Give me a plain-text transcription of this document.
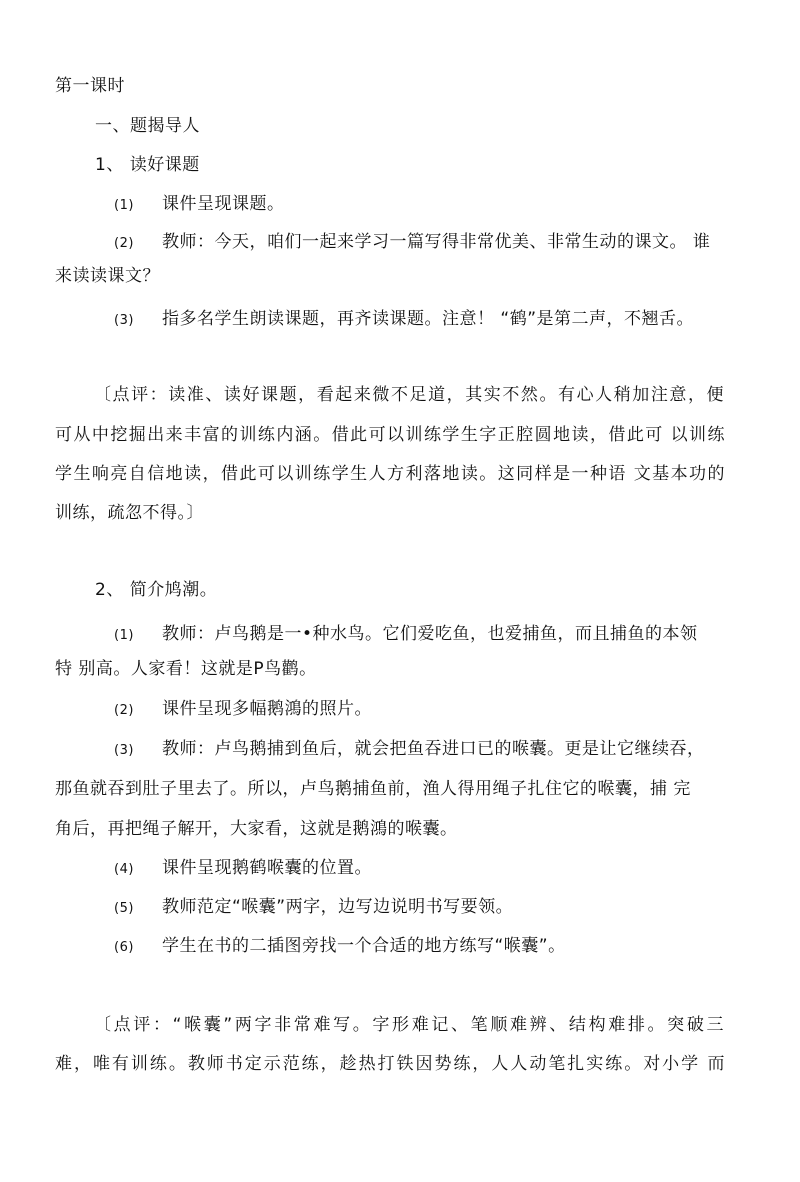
第一课时

一、题揭导人

1、 读好课题

(1) 课件呈现课题。

(2) 教师：今天，咱们一起来学习一篇写得非常优美、非常生动的课文。 谁

来读读课文？

(3) 指多名学生朗读课题，再齐读课题。注意！ “鹤”是第二声，不翘舌。

〔点评：读准、读好课题，看起来微不足道，其实不然。有心人稍加注意，便

可从中挖掘出来丰富的训练内涵。借此可以训练学生字正腔圆地读，借此可 以训练

学生响亮自信地读，借此可以训练学生人方利落地读。这同样是一种语 文基本功的

训练，疏忽不得。〕

2、 简介鸠潮。

(1) 教师：卢鸟鹅是一•种水鸟。它们爱吃鱼，也爱捕鱼，而且捕鱼的本领

特 别高。人家看！这就是P鸟鹳。

(2) 课件呈现多幅鹅鴻的照片。

(3) 教师：卢鸟鹅捕到鱼后，就会把鱼吞进口已的喉囊。更是让它继续吞，

那鱼就吞到肚子里去了。所以，卢鸟鹅捕鱼前，渔人得用绳子扎住它的喉囊，捕 完

角后，再把绳子解开，大家看，这就是鹅鴻的喉囊。

(4) 课件呈现鹅鹤喉囊的位置。

(5) 教师范定“喉囊”两字，边写边说明书写要领。

(6) 学生在书的二插图旁找一个合适的地方练写“喉囊”。

〔点评：“喉囊”两字非常难写。字形难记、笔顺难辨、结构难排。突破三

难，唯有训练。教师书定示范练，趁热打铁因势练，人人动笔扎实练。对小学 而
